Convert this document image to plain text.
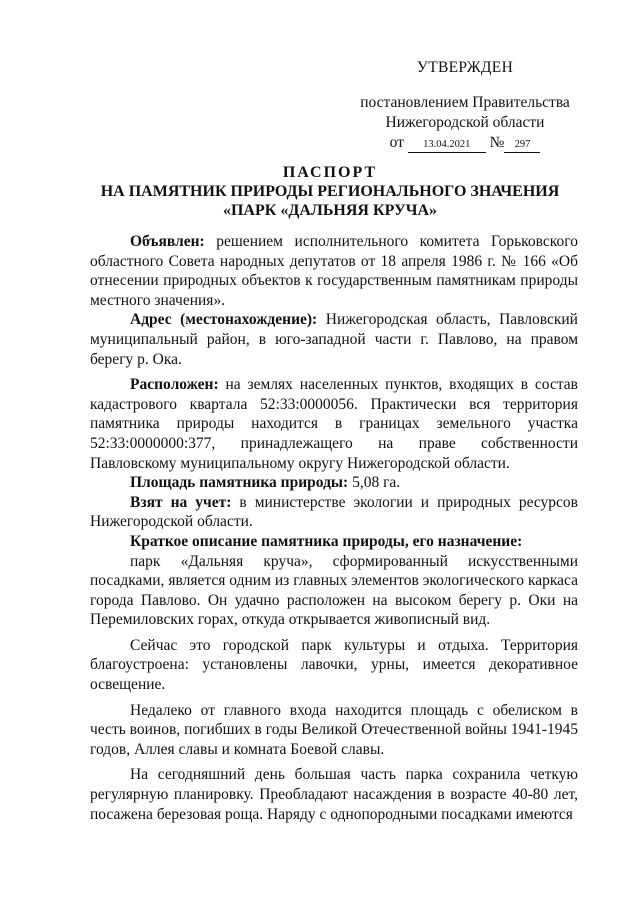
УТВЕРЖДЕН
постановлением Правительства
Нижегородской области
от 13.04.2021 № 297
ПАСПОРТ
НА ПАМЯТНИК ПРИРОДЫ РЕГИОНАЛЬНОГО ЗНАЧЕНИЯ
«ПАРК «ДАЛЬНЯЯ КРУЧА»

Объявлен: решением исполнительного комитета Горьковского областного Совета народных депутатов от 18 апреля 1986 г. № 166 «Об отнесении природных объектов к государственным памятникам природы местного значения».

Адрес (местонахождение): Нижегородская область, Павловский муниципальный район, в юго-западной части г. Павлово, на правом берегу р. Ока.

Расположен: на землях населенных пунктов, входящих в состав кадастрового квартала 52:33:0000056. Практически вся территория памятника природы находится в границах земельного участка 52:33:0000000:377, принадлежащего на праве собственности Павловскому муниципальному округу Нижегородской области.

Площадь памятника природы: 5,08 га.

Взят на учет: в министерстве экологии и природных ресурсов Нижегородской области.

Краткое описание памятника природы, его назначение:

парк «Дальняя круча», сформированный искусственными посадками, является одним из главных элементов экологического каркаса города Павлово. Он удачно расположен на высоком берегу р. Оки на Перемиловских горах, откуда открывается живописный вид.

Сейчас это городской парк культуры и отдыха. Территория благоустроена: установлены лавочки, урны, имеется декоративное освещение.

Недалеко от главного входа находится площадь с обелиском в честь воинов, погибших в годы Великой Отечественной войны 1941-1945 годов, Аллея славы и комната Боевой славы.

На сегодняшний день большая часть парка сохранила четкую регулярную планировку. Преобладают насаждения в возрасте 40-80 лет, посажена березовая роща. Наряду с однопородными посадками имеются
